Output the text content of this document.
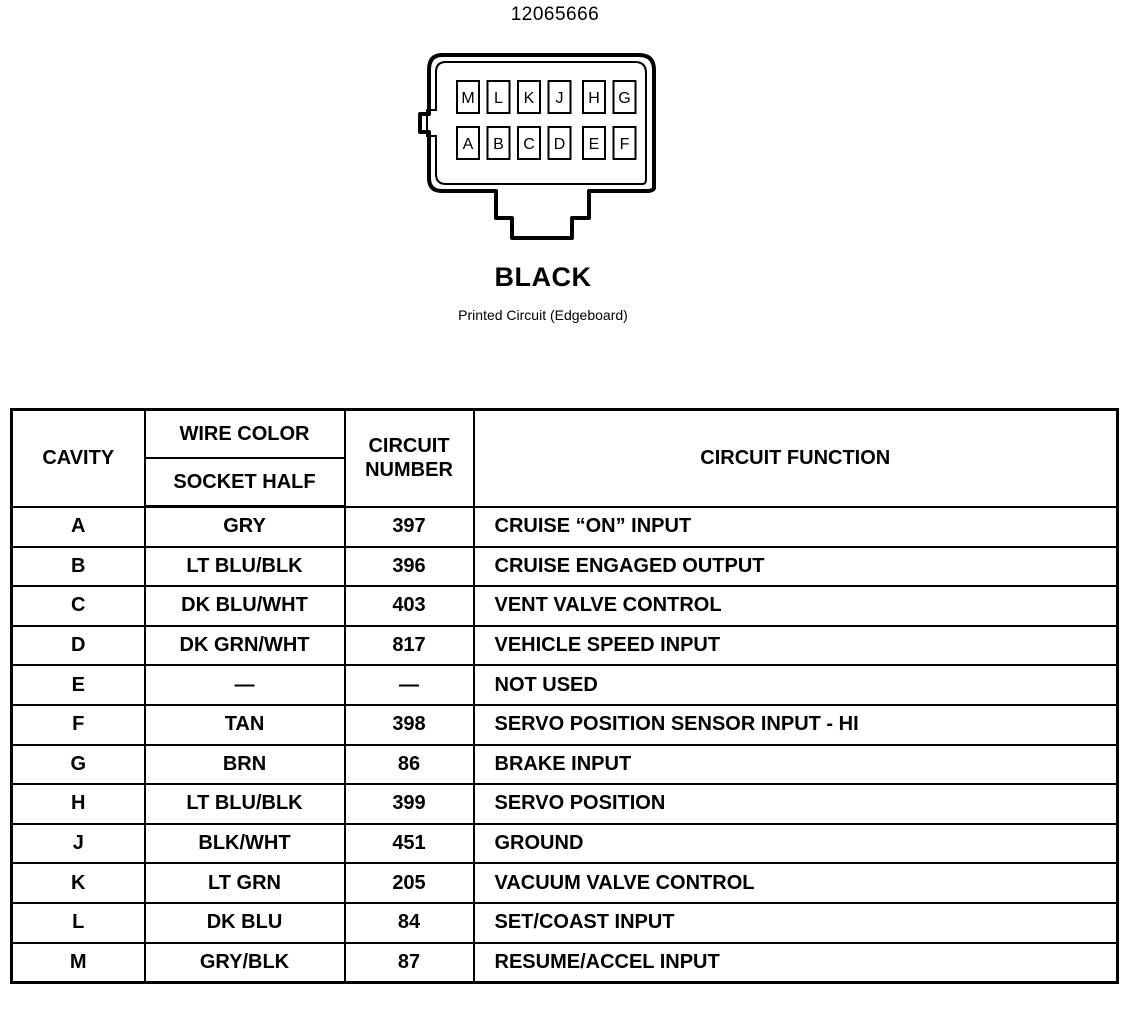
12065666
M L K J H G
A B C D E F
BLACK
Printed Circuit (Edgeboard)
CAVITY	WIRE COLOR	CIRCUIT NUMBER	CIRCUIT FUNCTION
	SOCKET HALF		
A	GRY	397	CRUISE “ON” INPUT
B	LT BLU/BLK	396	CRUISE ENGAGED OUTPUT
C	DK BLU/WHT	403	VENT VALVE CONTROL
D	DK GRN/WHT	817	VEHICLE SPEED INPUT
E	—	—	NOT USED
F	TAN	398	SERVO POSITION SENSOR INPUT - HI
G	BRN	86	BRAKE INPUT
H	LT BLU/BLK	399	SERVO POSITION
J	BLK/WHT	451	GROUND
K	LT GRN	205	VACUUM VALVE CONTROL
L	DK BLU	84	SET/COAST INPUT
M	GRY/BLK	87	RESUME/ACCEL INPUT
